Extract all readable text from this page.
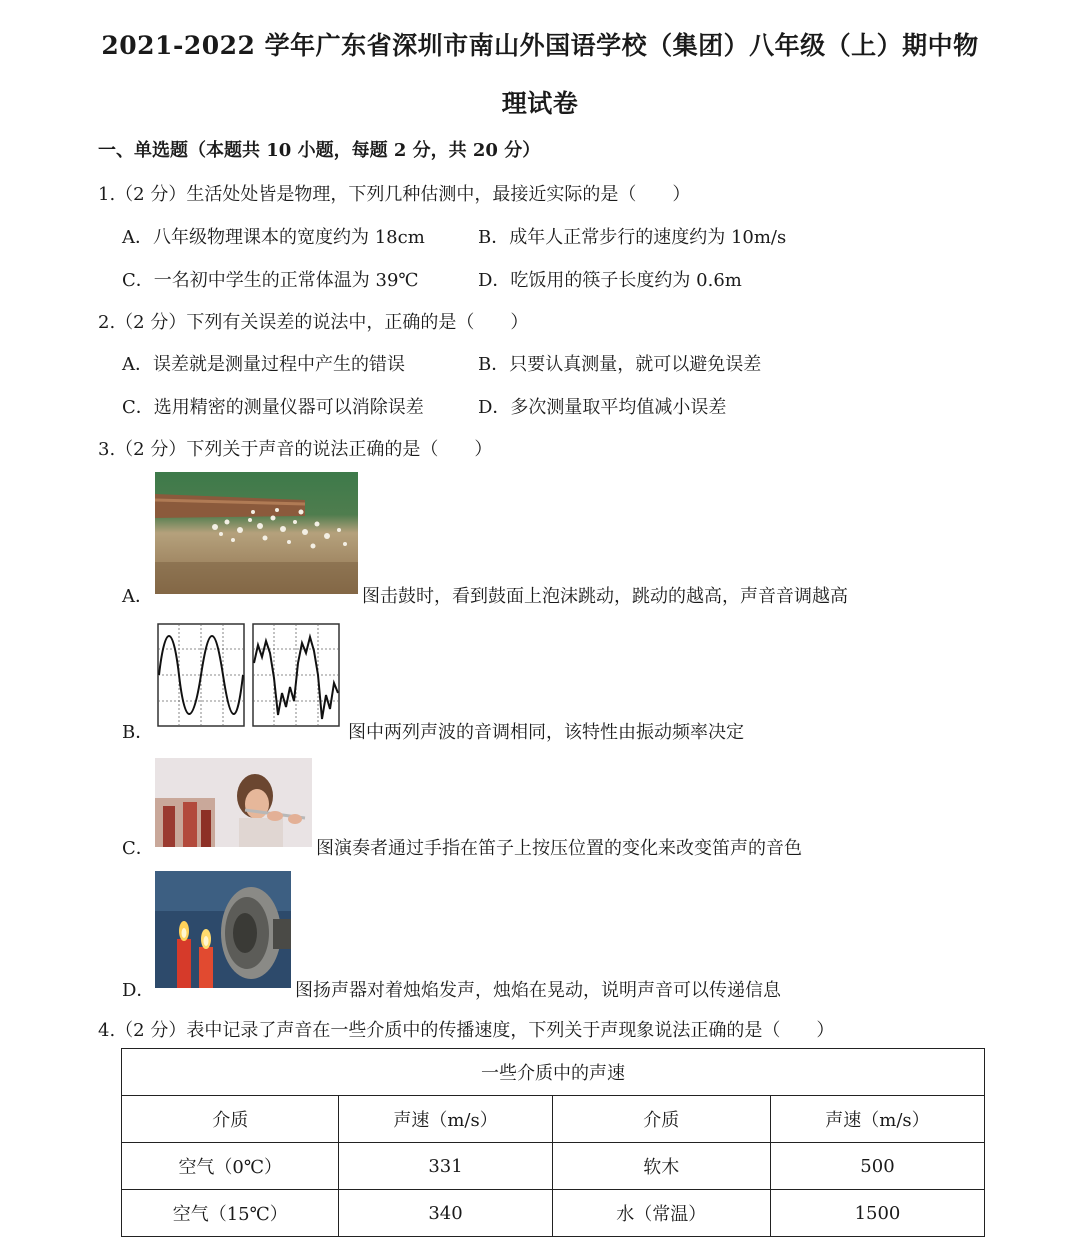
2021-2022 学年广东省深圳市南山外国语学校（集团）八年级（上）期中物
理试卷
一、单选题（本题共 10 小题，每题 2 分，共 20 分）
1.（2 分）生活处处皆是物理，下列几种估测中，最接近实际的是（　　）
A．八年级物理课本的宽度约为 18cm	B．成年人正常步行的速度约为 10m/s
C．一名初中学生的正常体温为 39℃	D．吃饭用的筷子长度约为 0.6m
2.（2 分）下列有关误差的说法中，正确的是（　　）
A．误差就是测量过程中产生的错误	B．只要认真测量，就可以避免误差
C．选用精密的测量仪器可以消除误差	D．多次测量取平均值减小误差
3.（2 分）下列关于声音的说法正确的是（　　）
A．	图击鼓时，看到鼓面上泡沫跳动，跳动的越高，声音音调越高
B．	图中两列声波的音调相同，该特性由振动频率决定
C．	图演奏者通过手指在笛子上按压位置的变化来改变笛声的音色
D．	图扬声器对着烛焰发声，烛焰在晃动，说明声音可以传递信息
4.（2 分）表中记录了声音在一些介质中的传播速度，下列关于声现象说法正确的是（　　）
一些介质中的声速			
介质	声速（m/s）	介质	声速（m/s）
空气（0℃）	331	软木	500
空气（15℃）	340	水（常温）	1500
